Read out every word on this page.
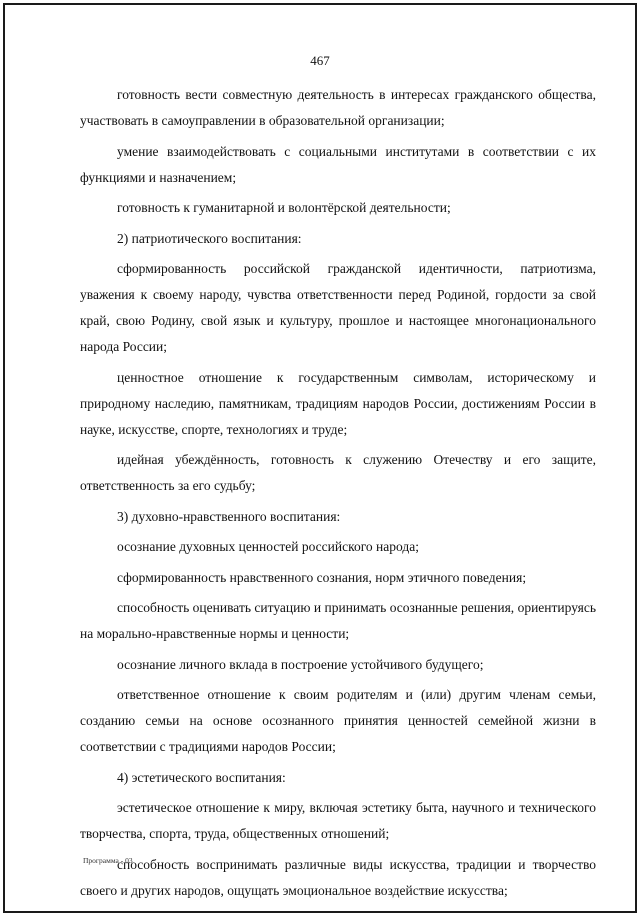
467

готовность вести совместную деятельность в интересах гражданского общества, участвовать в самоуправлении в образовательной организации;

умение взаимодействовать с социальными институтами в соответствии с их функциями и назначением;

готовность к гуманитарной и волонтёрской деятельности;

2) патриотического воспитания:

сформированность российской гражданской идентичности, патриотизма, уважения к своему народу, чувства ответственности перед Родиной, гордости за свой край, свою Родину, свой язык и культуру, прошлое и настоящее многонационального народа России;

ценностное отношение к государственным символам, историческому и природному наследию, памятникам, традициям народов России, достижениям России в науке, искусстве, спорте, технологиях и труде;

идейная убеждённость, готовность к служению Отечеству и его защите, ответственность за его судьбу;

3) духовно-нравственного воспитания:

осознание духовных ценностей российского народа;

сформированность нравственного сознания, норм этичного поведения;

способность оценивать ситуацию и принимать осознанные решения, ориентируясь на морально-нравственные нормы и ценности;

осознание личного вклада в построение устойчивого будущего;

ответственное отношение к своим родителям и (или) другим членам семьи, созданию семьи на основе осознанного принятия ценностей семейной жизни в соответствии с традициями народов России;

4) эстетического воспитания:

эстетическое отношение к миру, включая эстетику быта, научного и технического творчества, спорта, труда, общественных отношений;

способность воспринимать различные виды искусства, традиции и творчество своего и других народов, ощущать эмоциональное воздействие искусства;

Программа - 03
